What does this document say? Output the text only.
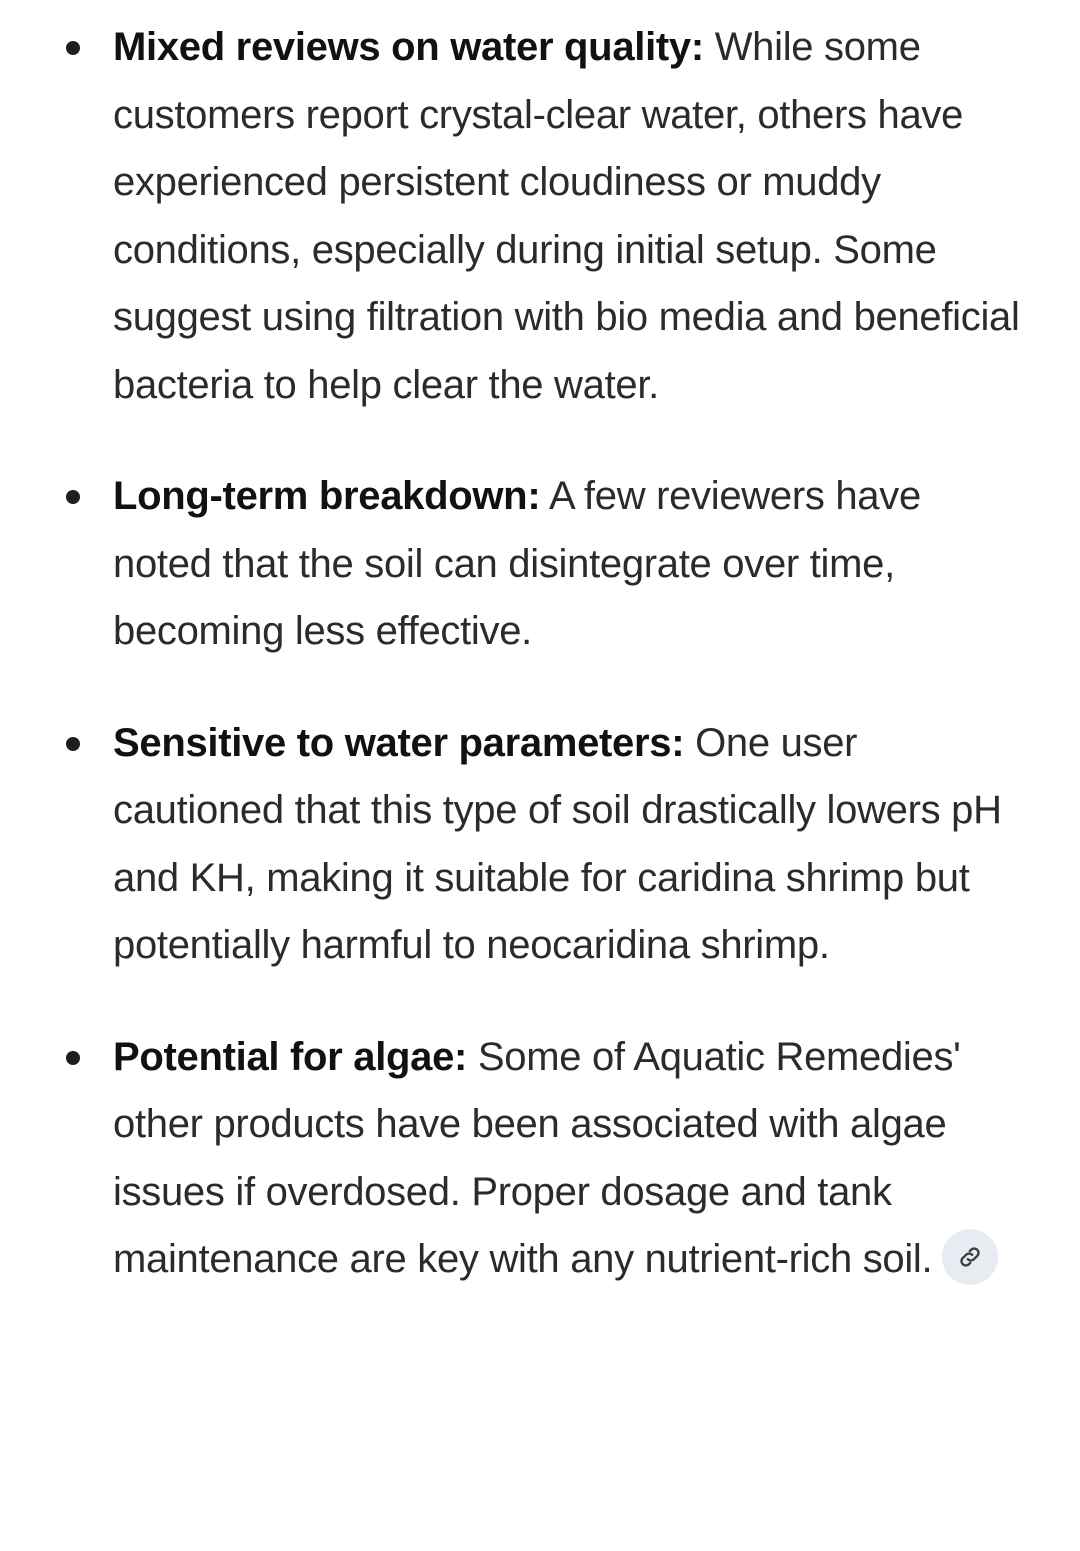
Mixed reviews on water quality: While some customers report crystal-clear water, others have experienced persistent cloudiness or muddy conditions, especially during initial setup. Some suggest using filtration with bio media and beneficial bacteria to help clear the water.
Long-term breakdown: A few reviewers have noted that the soil can disintegrate over time, becoming less effective.
Sensitive to water parameters: One user cautioned that this type of soil drastically lowers pH and KH, making it suitable for caridina shrimp but potentially harmful to neocaridina shrimp.
Potential for algae: Some of Aquatic Remedies' other products have been associated with algae issues if overdosed. Proper dosage and tank maintenance are key with any nutrient-rich soil.
